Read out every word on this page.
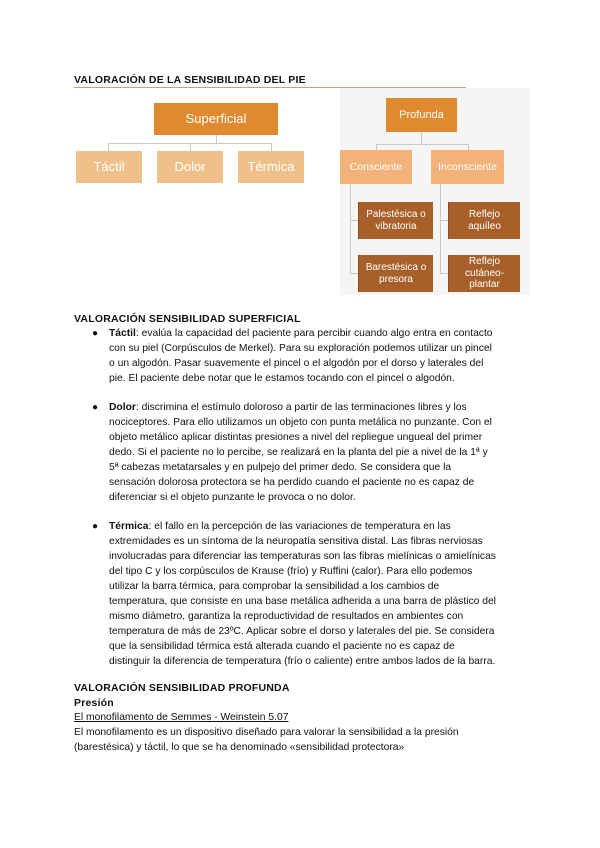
VALORACIÓN DE LA SENSIBILIDAD DEL PIE
Superficial
Táctil	Dolor	Térmica
Profunda
Consciente	Inconsciente
Palestésica o vibratoria
Barestésica o presora
Reflejo aquíleo
Reflejo cutáneo-plantar
VALORACIÓN SENSIBILIDAD SUPERFICIAL
● Táctil: evalúa la capacidad del paciente para percibir cuando algo entra en contacto
con su piel (Corpúsculos de Merkel). Para su exploración podemos utilizar un pincel
o un algodón. Pasar suavemente el pincel o el algodón por el dorso y laterales del
pie. El paciente debe notar que le estamos tocando con el pincel o algodón.
● Dolor: discrimina el estímulo doloroso a partir de las terminaciones libres y los
nociceptores. Para ello utilizamos un objeto con punta metálica no punzante. Con el
objeto metálico aplicar distintas presiones a nivel del repliegue ungueal del primer
dedo. Si el paciente no lo percibe, se realizará en la planta del pie a nivel de la 1ª y
5ª cabezas metatarsales y en pulpejo del primer dedo. Se considera que la
sensación dolorosa protectora se ha perdido cuando el paciente no es capaz de
diferenciar si el objeto punzante le provoca o no dolor.
● Térmica: el fallo en la percepción de las variaciones de temperatura en las
extremidades es un síntoma de la neuropatía sensitiva distal. Las fibras nerviosas
involucradas para diferenciar las temperaturas son las fibras mielínicas o amielínicas
del tipo C y los corpúsculos de Krause (frío) y Ruffini (calor). Para ello podemos
utilizar la barra térmica, para comprobar la sensibilidad a los cambios de
temperatura, que consiste en una base metálica adherida a una barra de plástico del
mismo diámetro, garantiza la reproductividad de resultados en ambientes con
temperatura de más de 23ºC. Aplicar sobre el dorso y laterales del pie. Se considera
que la sensibilidad térmica está alterada cuando el paciente no es capaz de
distinguir la diferencia de temperatura (frío o caliente) entre ambos lados de la barra.
VALORACIÓN SENSIBILIDAD PROFUNDA
Presión
El monofilamento de Semmes - Weinstein 5.07
El monofilamento es un dispositivo diseñado para valorar la sensibilidad a la presión
(barestésica) y táctil, lo que se ha denominado «sensibilidad protectora»
